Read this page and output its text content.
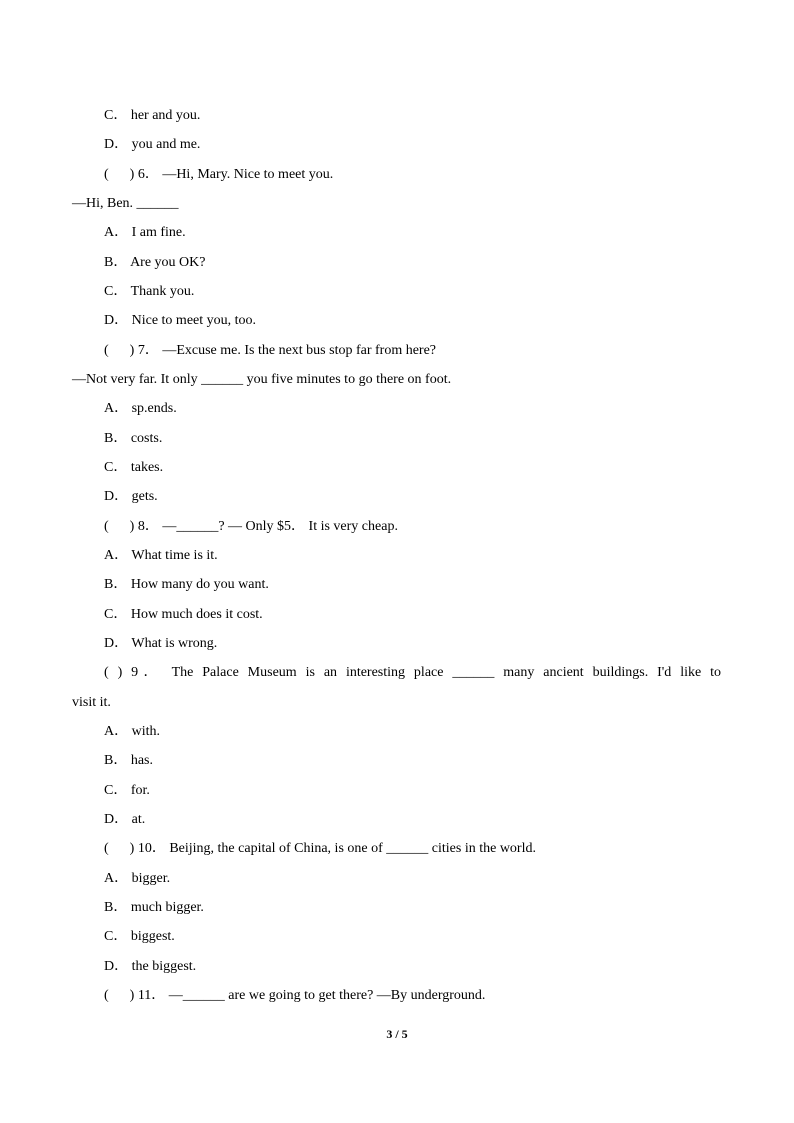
C． her and you.
D． you and me.
(      ) 6． —Hi, Mary. Nice to meet you.
—Hi, Ben. ______
A． I am fine.
B． Are you OK?
C． Thank you.
D． Nice to meet you, too.
(      ) 7． —Excuse me. Is the next bus stop far from here?
—Not very far. It only ______ you five minutes to go there on foot.
A． sp.ends.
B． costs.
C． takes.
D． gets.
(      ) 8． —______? — Only $5． It is very cheap.
A． What time is it.
B． How many do you want.
C． How much does it cost.
D． What is wrong.
( ) 9． The Palace Museum is an interesting place ______ many ancient buildings. I'd like to
visit it.
A． with.
B． has.
C． for.
D． at.
(      ) 10． Beijing, the capital of China, is one of ______ cities in the world.
A． bigger.
B． much bigger.
C． biggest.
D． the biggest.
(      ) 11． —______ are we going to get there? —By underground.
3 / 5
